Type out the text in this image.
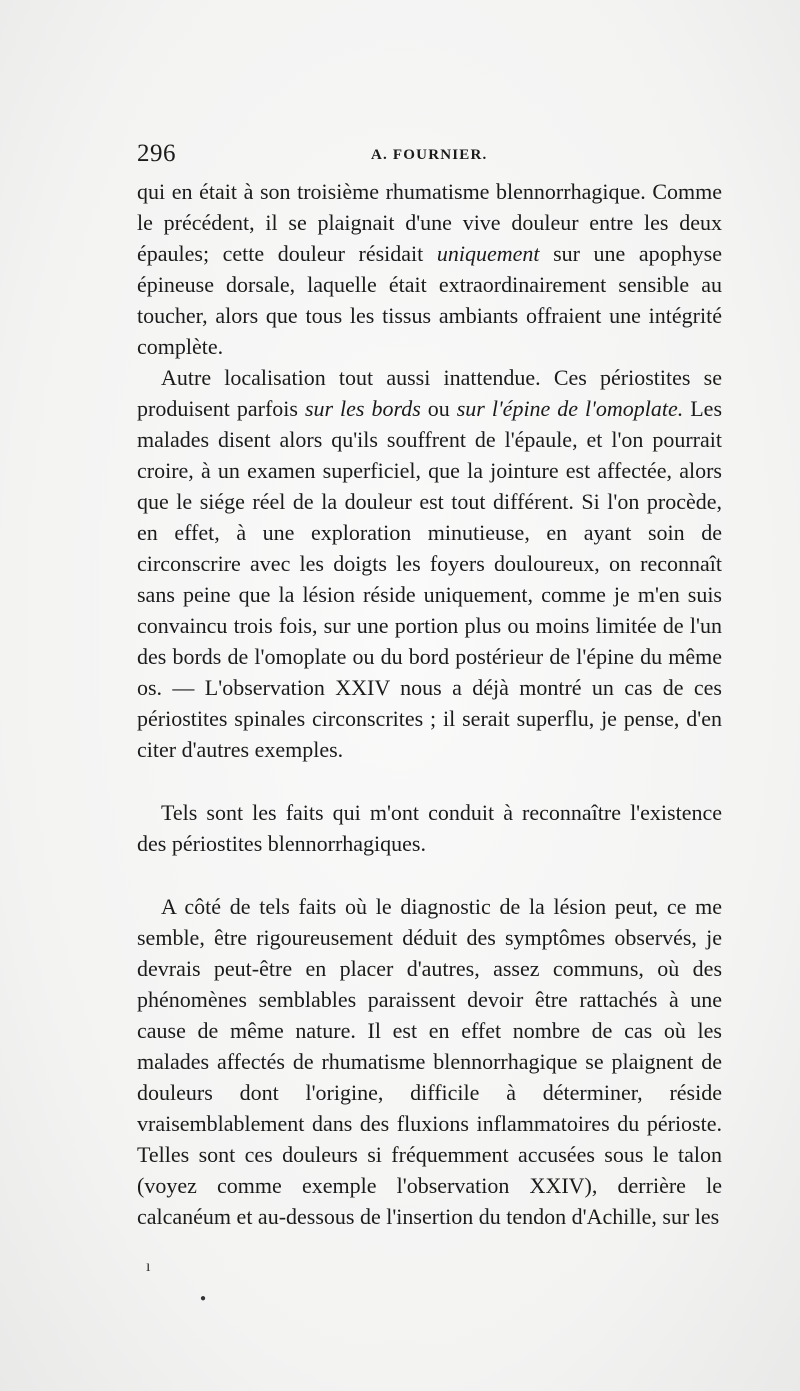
296	A. FOURNIER.

qui en était à son troisième rhumatisme blennorrhagique. Comme le précédent, il se plaignait d'une vive douleur entre les deux épaules; cette douleur résidait uniquement sur une apophyse épineuse dorsale, laquelle était extraordinairement sensible au toucher, alors que tous les tissus ambiants offraient une intégrité complète.

Autre localisation tout aussi inattendue. Ces périostites se produisent parfois sur les bords ou sur l'épine de l'omoplate. Les malades disent alors qu'ils souffrent de l'épaule, et l'on pourrait croire, à un examen superficiel, que la jointure est affectée, alors que le siége réel de la douleur est tout différent. Si l'on procède, en effet, à une exploration minutieuse, en ayant soin de circonscrire avec les doigts les foyers douloureux, on reconnaît sans peine que la lésion réside uniquement, comme je m'en suis convaincu trois fois, sur une portion plus ou moins limitée de l'un des bords de l'omoplate ou du bord postérieur de l'épine du même os. — L'observation XXIV nous a déjà montré un cas de ces périostites spinales circonscrites ; il serait superflu, je pense, d'en citer d'autres exemples.

Tels sont les faits qui m'ont conduit à reconnaître l'existence des périostites blennorrhagiques.

A côté de tels faits où le diagnostic de la lésion peut, ce me semble, être rigoureusement déduit des symptômes observés, je devrais peut-être en placer d'autres, assez communs, où des phénomènes semblables paraissent devoir être rattachés à une cause de même nature. Il est en effet nombre de cas où les malades affectés de rhumatisme blennorrhagique se plaignent de douleurs dont l'origine, difficile à déterminer, réside vraisemblablement dans des fluxions inflammatoires du périoste. Telles sont ces douleurs si fréquemment accusées sous le talon (voyez comme exemple l'observation XXIV), derrière le calcanéum et au-dessous de l'insertion du tendon d'Achille, sur les

ı
●
